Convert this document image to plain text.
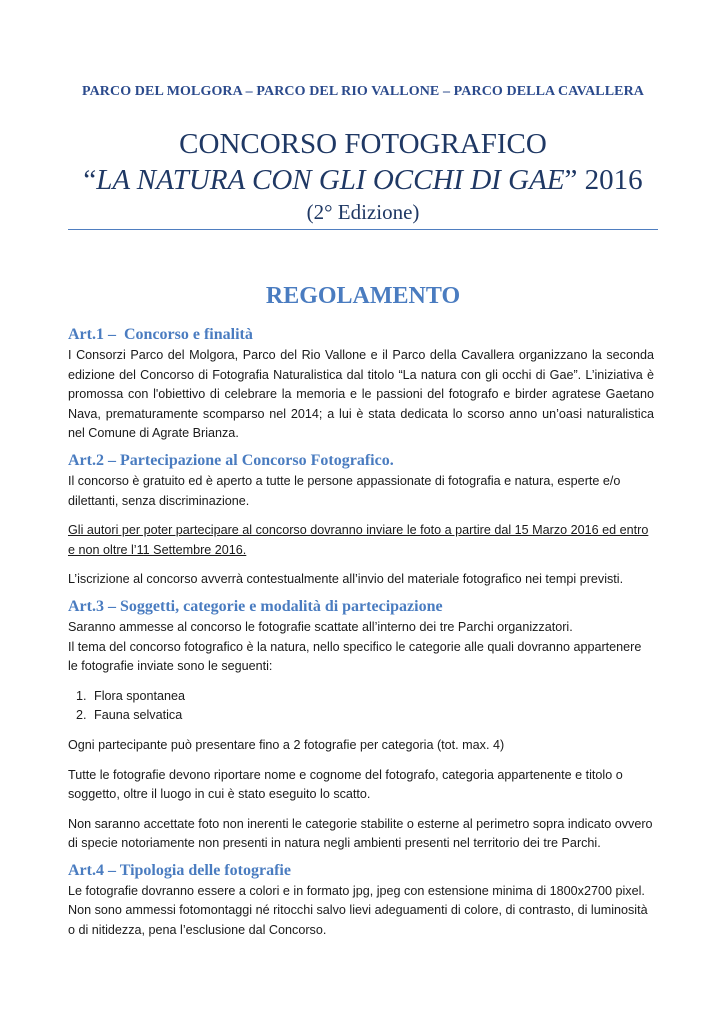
PARCO DEL MOLGORA – PARCO DEL RIO VALLONE – PARCO DELLA CAVALLERA
CONCORSO FOTOGRAFICO
“LA NATURA CON GLI OCCHI DI GAE” 2016
(2° Edizione)
REGOLAMENTO
Art.1 –  Concorso e finalità

I Consorzi Parco del Molgora, Parco del Rio Vallone e il Parco della Cavallera organizzano la seconda edizione del Concorso di Fotografia Naturalistica dal titolo “La natura con gli occhi di Gae”. L’iniziativa è promossa con l'obiettivo di celebrare la memoria e le passioni del fotografo e birder agratese Gaetano Nava, prematuramente scomparso nel 2014; a lui è stata dedicata lo scorso anno un’oasi naturalistica nel Comune di Agrate Brianza.

Art.2 – Partecipazione al Concorso Fotografico.

Il concorso è gratuito ed è aperto a tutte le persone appassionate di fotografia e natura, esperte e/o dilettanti, senza discriminazione.

Gli autori per poter partecipare al concorso dovranno inviare le foto a partire dal 15 Marzo 2016 ed entro e non oltre l’11 Settembre 2016.

L’iscrizione al concorso avverrà contestualmente all’invio del materiale fotografico nei tempi previsti.

Art.3 – Soggetti, categorie e modalità di partecipazione

Saranno ammesse al concorso le fotografie scattate all’interno dei tre Parchi organizzatori.

Il tema del concorso fotografico è la natura, nello specifico le categorie alle quali dovranno appartenere le fotografie inviate sono le seguenti:

1. Flora spontanea
2. Fauna selvatica

Ogni partecipante può presentare fino a 2 fotografie per categoria (tot. max. 4)

Tutte le fotografie devono riportare nome e cognome del fotografo, categoria appartenente e titolo o soggetto, oltre il luogo in cui è stato eseguito lo scatto.

Non saranno accettate foto non inerenti le categorie stabilite o esterne al perimetro sopra indicato ovvero di specie notoriamente non presenti in natura negli ambienti presenti nel territorio dei tre Parchi.

Art.4 – Tipologia delle fotografie

Le fotografie dovranno essere a colori e in formato jpg, jpeg con estensione minima di 1800x2700 pixel.

Non sono ammessi fotomontaggi né ritocchi salvo lievi adeguamenti di colore, di contrasto, di luminosità o di nitidezza, pena l’esclusione dal Concorso.
